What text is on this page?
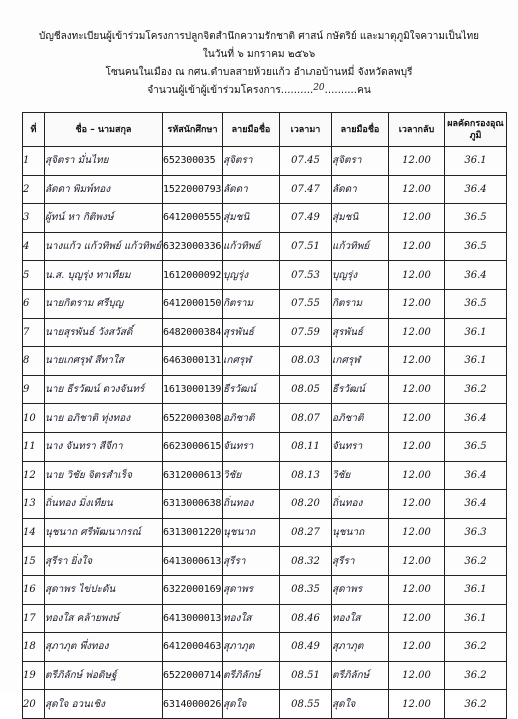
บัญชีลงทะเบียนผู้เข้าร่วมโครงการปลูกจิตสำนึกความรักชาติ ศาสน์ กษัตริย์ และมาตุภูมิใจความเป็นไทย
ในวันที่ ๖ มกราคม ๒๕๖๖
โซนคนในเมือง ณ กศน.ตำบลสายห้วยแก้ว อำเภอบ้านหมี่ จังหวัดลพบุรี
จำนวนผู้เข้าผู้เข้าร่วมโครงการ..........20..........คน
ที่	ชื่อ – นามสกุล	รหัสนักศึกษา	ลายมือชื่อ	เวลามา	ลายมือชื่อ	เวลากลับ	ผลคัดกรองอุณภูมิ
1	สุจิตรา มั่นไทย	652300035	สุจิตรา	07.45	สุจิตรา	12.00	36.1
2	ลัดดา พิมพ์ทอง	1522000793	ลัดดา	07.47	ลัดดา	12.00	36.4
3	ผู้ทน์ หา กิติพงษ์	6412000555	สุ่มชนิ	07.49	สุ่มชนิ	12.00	36.5
4	นางแก้ว แก้วทิพย์ แก้วทิพย์	6323000336	แก้วทิพย์	07.51	แก้วทิพย์	12.00	36.5
5	น.ส. บุญรุ่ง ทาเทียม	1612000092	บุญรุ่ง	07.53	บุญรุ่ง	12.00	36.4
6	นายกิตราม ศรีบุญ	6412000150	กิตราม	07.55	กิตราม	12.00	36.5
7	นายสุรพันธ์ วังสวัสดิ์	6482000384	สุรพันธ์	07.59	สุรพันธ์	12.00	36.1
8	นายเกศรุฬ สีทาใส	6463000131	เกศรุฬ	08.03	เกศรุฬ	12.00	36.1
9	นาย ธีรวัฒน์ ดวงจันทร์	1613000139	ธีรวัฒน์	08.05	ธีรวัฒน์	12.00	36.2
10	นาย อภิชาติ ทุ่งทอง	6522000308	อภิชาติ	08.07	อภิชาติ	12.00	36.4
11	นาง จันทรา สีจีกา	6623000615	จันทรา	08.11	จันทรา	12.00	36.5
12	นาย วิชัย จิตรสำเร็จ	6312000613	วิชัย	08.13	วิชัย	12.00	36.4
13	ถิ่นทอง มิ่งเทียน	6313000638	ถิ่นทอง	08.20	ถิ่นทอง	12.00	36.4
14	นุชนาถ ศรีพัฒนากรณ์	6313001220	นุชนาถ	08.27	นุชนาถ	12.00	36.3
15	สุรีรา ยิ่งใจ	6413000613	สุรีรา	08.32	สุรีรา	12.00	36.2
16	สุดาพร ไข่ปะดัน	6322000169	สุดาพร	08.35	สุดาพร	12.00	36.1
17	ทองใส คล้ายพงษ์	6413000013	ทองใส	08.46	ทองใส	12.00	36.1
18	สุภาภุต พึ่งทอง	6412000463	สุภาภุต	08.49	สุภาภุต	12.00	36.2
19	ตรีภิลักษ์ พ่อดิษฐ์	6522000714	ตรีภิลักษ์	08.51	ตรีภิลักษ์	12.00	36.2
20	สุดใจ อวนเชิง	6314000026	สุดใจ	08.55	สุดใจ	12.00	36.2
